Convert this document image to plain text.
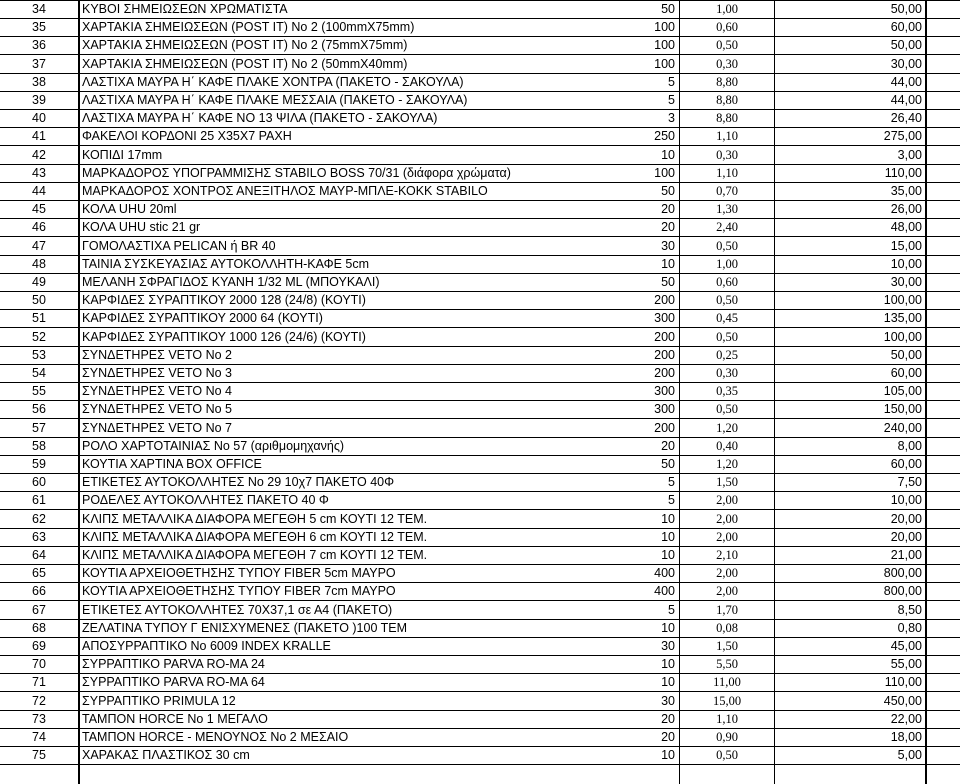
75	ΧΑΡΑΚΑΣ ΠΛΑΣΤΙΚΟΣ 30 cm	10	0,50	5,00
74	ΤΑΜΠΟΝ HORCE - ΜΕΝΟΥΝΟΣ No 2 ΜΕΣΑΙΟ	20	0,90	18,00
73	ΤΑΜΠΟΝ HORCE No 1 ΜΕΓΑΛΟ	20	1,10	22,00
72	ΣΥΡΡΑΠΤΙΚΟ PRIMULA 12	30	15,00	450,00
71	ΣΥΡΡΑΠΤΙΚΟ PARVA RO-MA 64	10	11,00	110,00
70	ΣΥΡΡΑΠΤΙΚΟ PARVA RO-MA 24	10	5,50	55,00
69	ΑΠΟΣΥΡΡΑΠΤΙΚΟ No 6009 INDEX KRALLE	30	1,50	45,00
68	ΖΕΛΑΤΙΝΑ ΤΥΠΟΥ Γ ΕΝΙΣΧΥΜΕΝΕΣ (ΠΑΚΕΤΟ )100 ΤΕΜ	10	0,08	0,80
67	ΕΤΙΚΕΤΕΣ ΑΥΤΟΚΟΛΛΗΤΕΣ 70Χ37,1 σε Α4 (ΠΑΚΕΤΟ)	5	1,70	8,50
66	ΚΟΥΤΙΑ ΑΡΧΕΙΟΘΕΤΗΣΗΣ ΤΥΠΟΥ FIBER 7cm ΜΑΥΡΟ	400	2,00	800,00
65	ΚΟΥΤΙΑ ΑΡΧΕΙΟΘΕΤΗΣΗΣ ΤΥΠΟΥ FIBER 5cm ΜΑΥΡΟ	400	2,00	800,00
64	ΚΛΙΠΣ ΜΕΤΑΛΛΙΚΑ ΔΙΑΦΟΡΑ ΜΕΓΕΘΗ 7 cm ΚΟΥΤΙ 12 ΤΕΜ.	10	2,10	21,00
63	ΚΛΙΠΣ ΜΕΤΑΛΛΙΚΑ ΔΙΑΦΟΡΑ ΜΕΓΕΘΗ 6 cm ΚΟΥΤΙ 12 ΤΕΜ.	10	2,00	20,00
62	ΚΛΙΠΣ ΜΕΤΑΛΛΙΚΑ ΔΙΑΦΟΡΑ ΜΕΓΕΘΗ 5 cm ΚΟΥΤΙ 12 ΤΕΜ.	10	2,00	20,00
61	ΡΟΔΕΛΕΣ ΑΥΤΟΚΟΛΛΗΤΕΣ ΠΑΚΕΤΟ 40 Φ	5	2,00	10,00
60	ΕΤΙΚΕΤΕΣ ΑΥΤΟΚΟΛΛΗΤΕΣ No 29 10χ7 ΠΑΚΕΤΟ 40Φ	5	1,50	7,50
59	ΚΟΥΤΙΑ ΧΑΡΤΙΝΑ BOX OFFICE	50	1,20	60,00
58	ΡΟΛΟ ΧΑΡΤΟΤΑΙΝΙΑΣ No 57 (αριθμομηχανής)	20	0,40	8,00
57	ΣΥΝΔΕΤΗΡΕΣ VETO No 7	200	1,20	240,00
56	ΣΥΝΔΕΤΗΡΕΣ VETO No 5	300	0,50	150,00
55	ΣΥΝΔΕΤΗΡΕΣ VETO No 4	300	0,35	105,00
54	ΣΥΝΔΕΤΗΡΕΣ VETO No 3	200	0,30	60,00
53	ΣΥΝΔΕΤΗΡΕΣ VETO No 2	200	0,25	50,00
52	ΚΑΡΦΙΔΕΣ ΣΥΡΑΠΤΙΚΟΥ 1000 126 (24/6) (ΚΟΥΤΙ)	200	0,50	100,00
51	ΚΑΡΦΙΔΕΣ ΣΥΡΑΠΤΙΚΟΥ 2000 64 (ΚΟΥΤΙ)	300	0,45	135,00
50	ΚΑΡΦΙΔΕΣ ΣΥΡΑΠΤΙΚΟΥ 2000 128 (24/8) (ΚΟΥΤΙ)	200	0,50	100,00
49	ΜΕΛΑΝΗ ΣΦΡΑΓΙΔΟΣ ΚΥΑΝΗ 1/32 ML (ΜΠΟΥΚΑΛΙ)	50	0,60	30,00
48	ΤΑΙΝΙΑ ΣΥΣΚΕΥΑΣΙΑΣ ΑΥΤΟΚΟΛΛΗΤΗ-ΚΑΦΕ 5cm	10	1,00	10,00
47	ΓΟΜΟΛΑΣΤΙΧΑ PELICAN ή BR 40	30	0,50	15,00
46	ΚΟΛΑ UHU stic 21 gr	20	2,40	48,00
45	ΚΟΛΑ UHU 20ml	20	1,30	26,00
44	ΜΑΡΚΑΔΟΡΟΣ ΧΟΝΤΡΟΣ ΑΝΕΞΙΤΗΛΟΣ ΜΑΥΡ-ΜΠΛΕ-ΚΟΚΚ STABILO	50	0,70	35,00
43	ΜΑΡΚΑΔΟΡΟΣ ΥΠΟΓΡΑΜΜΙΣΗΣ STABILO BOSS 70/31 (διάφορα χρώματα)	100	1,10	110,00
42	ΚΟΠΙΔΙ 17mm	10	0,30	3,00
41	ΦΑΚΕΛΟΙ ΚΟΡΔΟΝΙ 25 Χ35Χ7 ΡΑΧΗ	250	1,10	275,00
40	ΛΑΣΤΙΧΑ ΜΑΥΡΑ Η΄ ΚΑΦΕ ΝΟ 13 ΨΙΛΑ (ΠΑΚΕΤΟ - ΣΑΚΟΥΛΑ)	3	8,80	26,40
39	ΛΑΣΤΙΧΑ ΜΑΥΡΑ Η΄ ΚΑΦΕ ΠΛΑΚΕ ΜΕΣΣΑΙΑ (ΠΑΚΕΤΟ - ΣΑΚΟΥΛΑ)	5	8,80	44,00
38	ΛΑΣΤΙΧΑ ΜΑΥΡΑ Η΄ ΚΑΦΕ ΠΛΑΚΕ ΧΟΝΤΡΑ (ΠΑΚΕΤΟ - ΣΑΚΟΥΛΑ)	5	8,80	44,00
37	ΧΑΡΤΑΚΙΑ ΣΗΜΕΙΩΣΕΩΝ (POST IT) No 2 (50mmX40mm)	100	0,30	30,00
36	ΧΑΡΤΑΚΙΑ ΣΗΜΕΙΩΣΕΩΝ (POST IT) No 2 (75mmX75mm)	100	0,50	50,00
35	ΧΑΡΤΑΚΙΑ ΣΗΜΕΙΩΣΕΩΝ (POST IT) No 2 (100mmX75mm)	100	0,60	60,00
34	ΚΥΒΟΙ ΣΗΜΕΙΩΣΕΩΝ ΧΡΩΜΑΤΙΣΤΑ	50	1,00	50,00
